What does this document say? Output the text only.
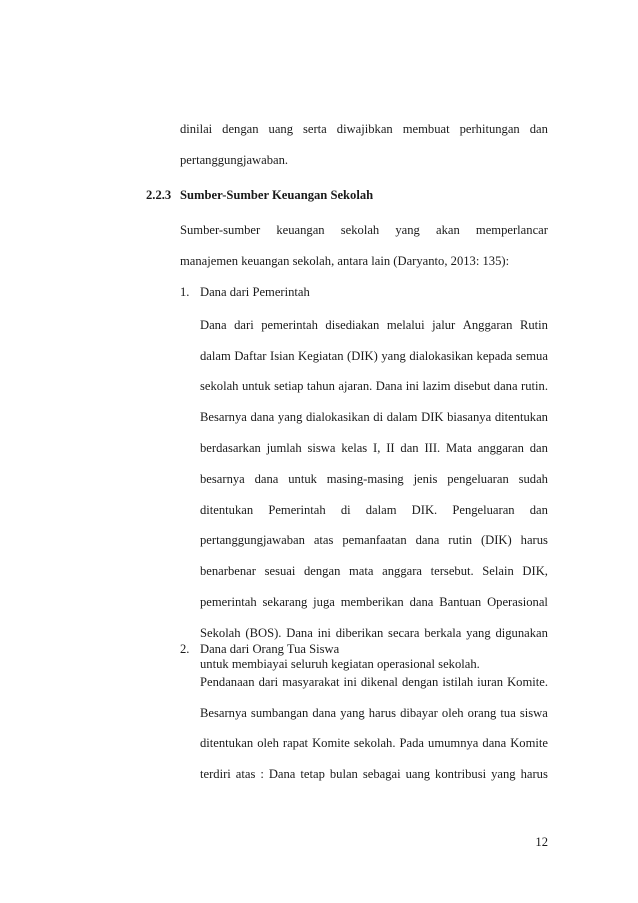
dinilai dengan uang serta diwajibkan membuat perhitungan dan
pertanggungjawaban.
2.2.3 Sumber-Sumber Keuangan Sekolah
Sumber-sumber keuangan sekolah yang akan memperlancar
manajemen keuangan sekolah, antara lain (Daryanto, 2013: 135):
1. Dana dari Pemerintah
Dana dari pemerintah disediakan melalui jalur Anggaran Rutin
dalam Daftar Isian Kegiatan (DIK) yang dialokasikan kepada semua
sekolah untuk setiap tahun ajaran. Dana ini lazim disebut dana rutin.
Besarnya dana yang dialokasikan di dalam DIK biasanya ditentukan
berdasarkan jumlah siswa kelas I, II dan III. Mata anggaran dan
besarnya dana untuk masing-masing jenis pengeluaran sudah
ditentukan Pemerintah di dalam DIK. Pengeluaran dan
pertanggungjawaban atas pemanfaatan dana rutin (DIK) harus
benarbenar sesuai dengan mata anggara tersebut. Selain DIK,
pemerintah sekarang juga memberikan dana Bantuan Operasional
Sekolah (BOS). Dana ini diberikan secara berkala yang digunakan
untuk membiayai seluruh kegiatan operasional sekolah.
2. Dana dari Orang Tua Siswa
Pendanaan dari masyarakat ini dikenal dengan istilah iuran Komite.
Besarnya sumbangan dana yang harus dibayar oleh orang tua siswa
ditentukan oleh rapat Komite sekolah. Pada umumnya dana Komite
terdiri atas : Dana tetap bulan sebagai uang kontribusi yang harus
12
